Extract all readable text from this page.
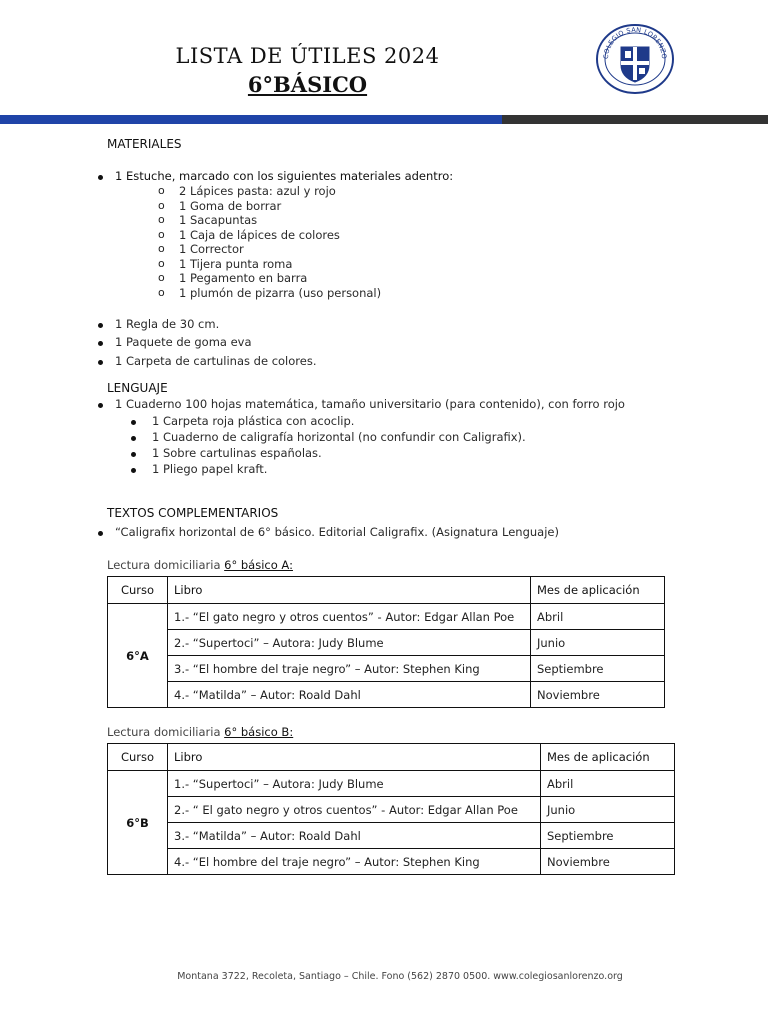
LISTA DE ÚTILES 2024
6°BÁSICO
COLEGIO SAN LORENZO
MATERIALES
1 Estuche, marcado con los siguientes materiales adentro:
o 2 Lápices pasta: azul y rojo
o 1 Goma de borrar
o 1 Sacapuntas
o 1 Caja de lápices de colores
o 1 Corrector
o 1 Tijera punta roma
o 1 Pegamento en barra
o 1 plumón de pizarra (uso personal)
1 Regla de 30 cm.
1 Paquete de goma eva
1 Carpeta de cartulinas de colores.
LENGUAJE
1 Cuaderno 100 hojas matemática, tamaño universitario (para contenido), con forro rojo
1 Carpeta roja plástica con acoclip.
1 Cuaderno de caligrafía horizontal (no confundir con Caligrafix).
1 Sobre cartulinas españolas.
1 Pliego papel kraft.
TEXTOS COMPLEMENTARIOS
“Caligrafix horizontal de 6° básico. Editorial Caligrafix. (Asignatura Lenguaje)
Lectura domiciliaria 6° básico A:
Curso	Libro	Mes de aplicación
6°A	1.- “El gato negro y otros cuentos” - Autor: Edgar Allan Poe	Abril
	2.- “Supertoci” – Autora: Judy Blume	Junio
	3.- “El hombre del traje negro” – Autor: Stephen King	Septiembre
	4.- “Matilda” – Autor: Roald Dahl	Noviembre
Lectura domiciliaria 6° básico B:
Curso	Libro	Mes de aplicación
6°B	1.- “Supertoci” – Autora: Judy Blume	Abril
	2.- “ El gato negro y otros cuentos” - Autor: Edgar Allan Poe	Junio
	3.- “Matilda” – Autor: Roald Dahl	Septiembre
	4.- “El hombre del traje negro” – Autor: Stephen King	Noviembre
Montana 3722, Recoleta, Santiago – Chile. Fono (562) 2870 0500. www.colegiosanlorenzo.org
